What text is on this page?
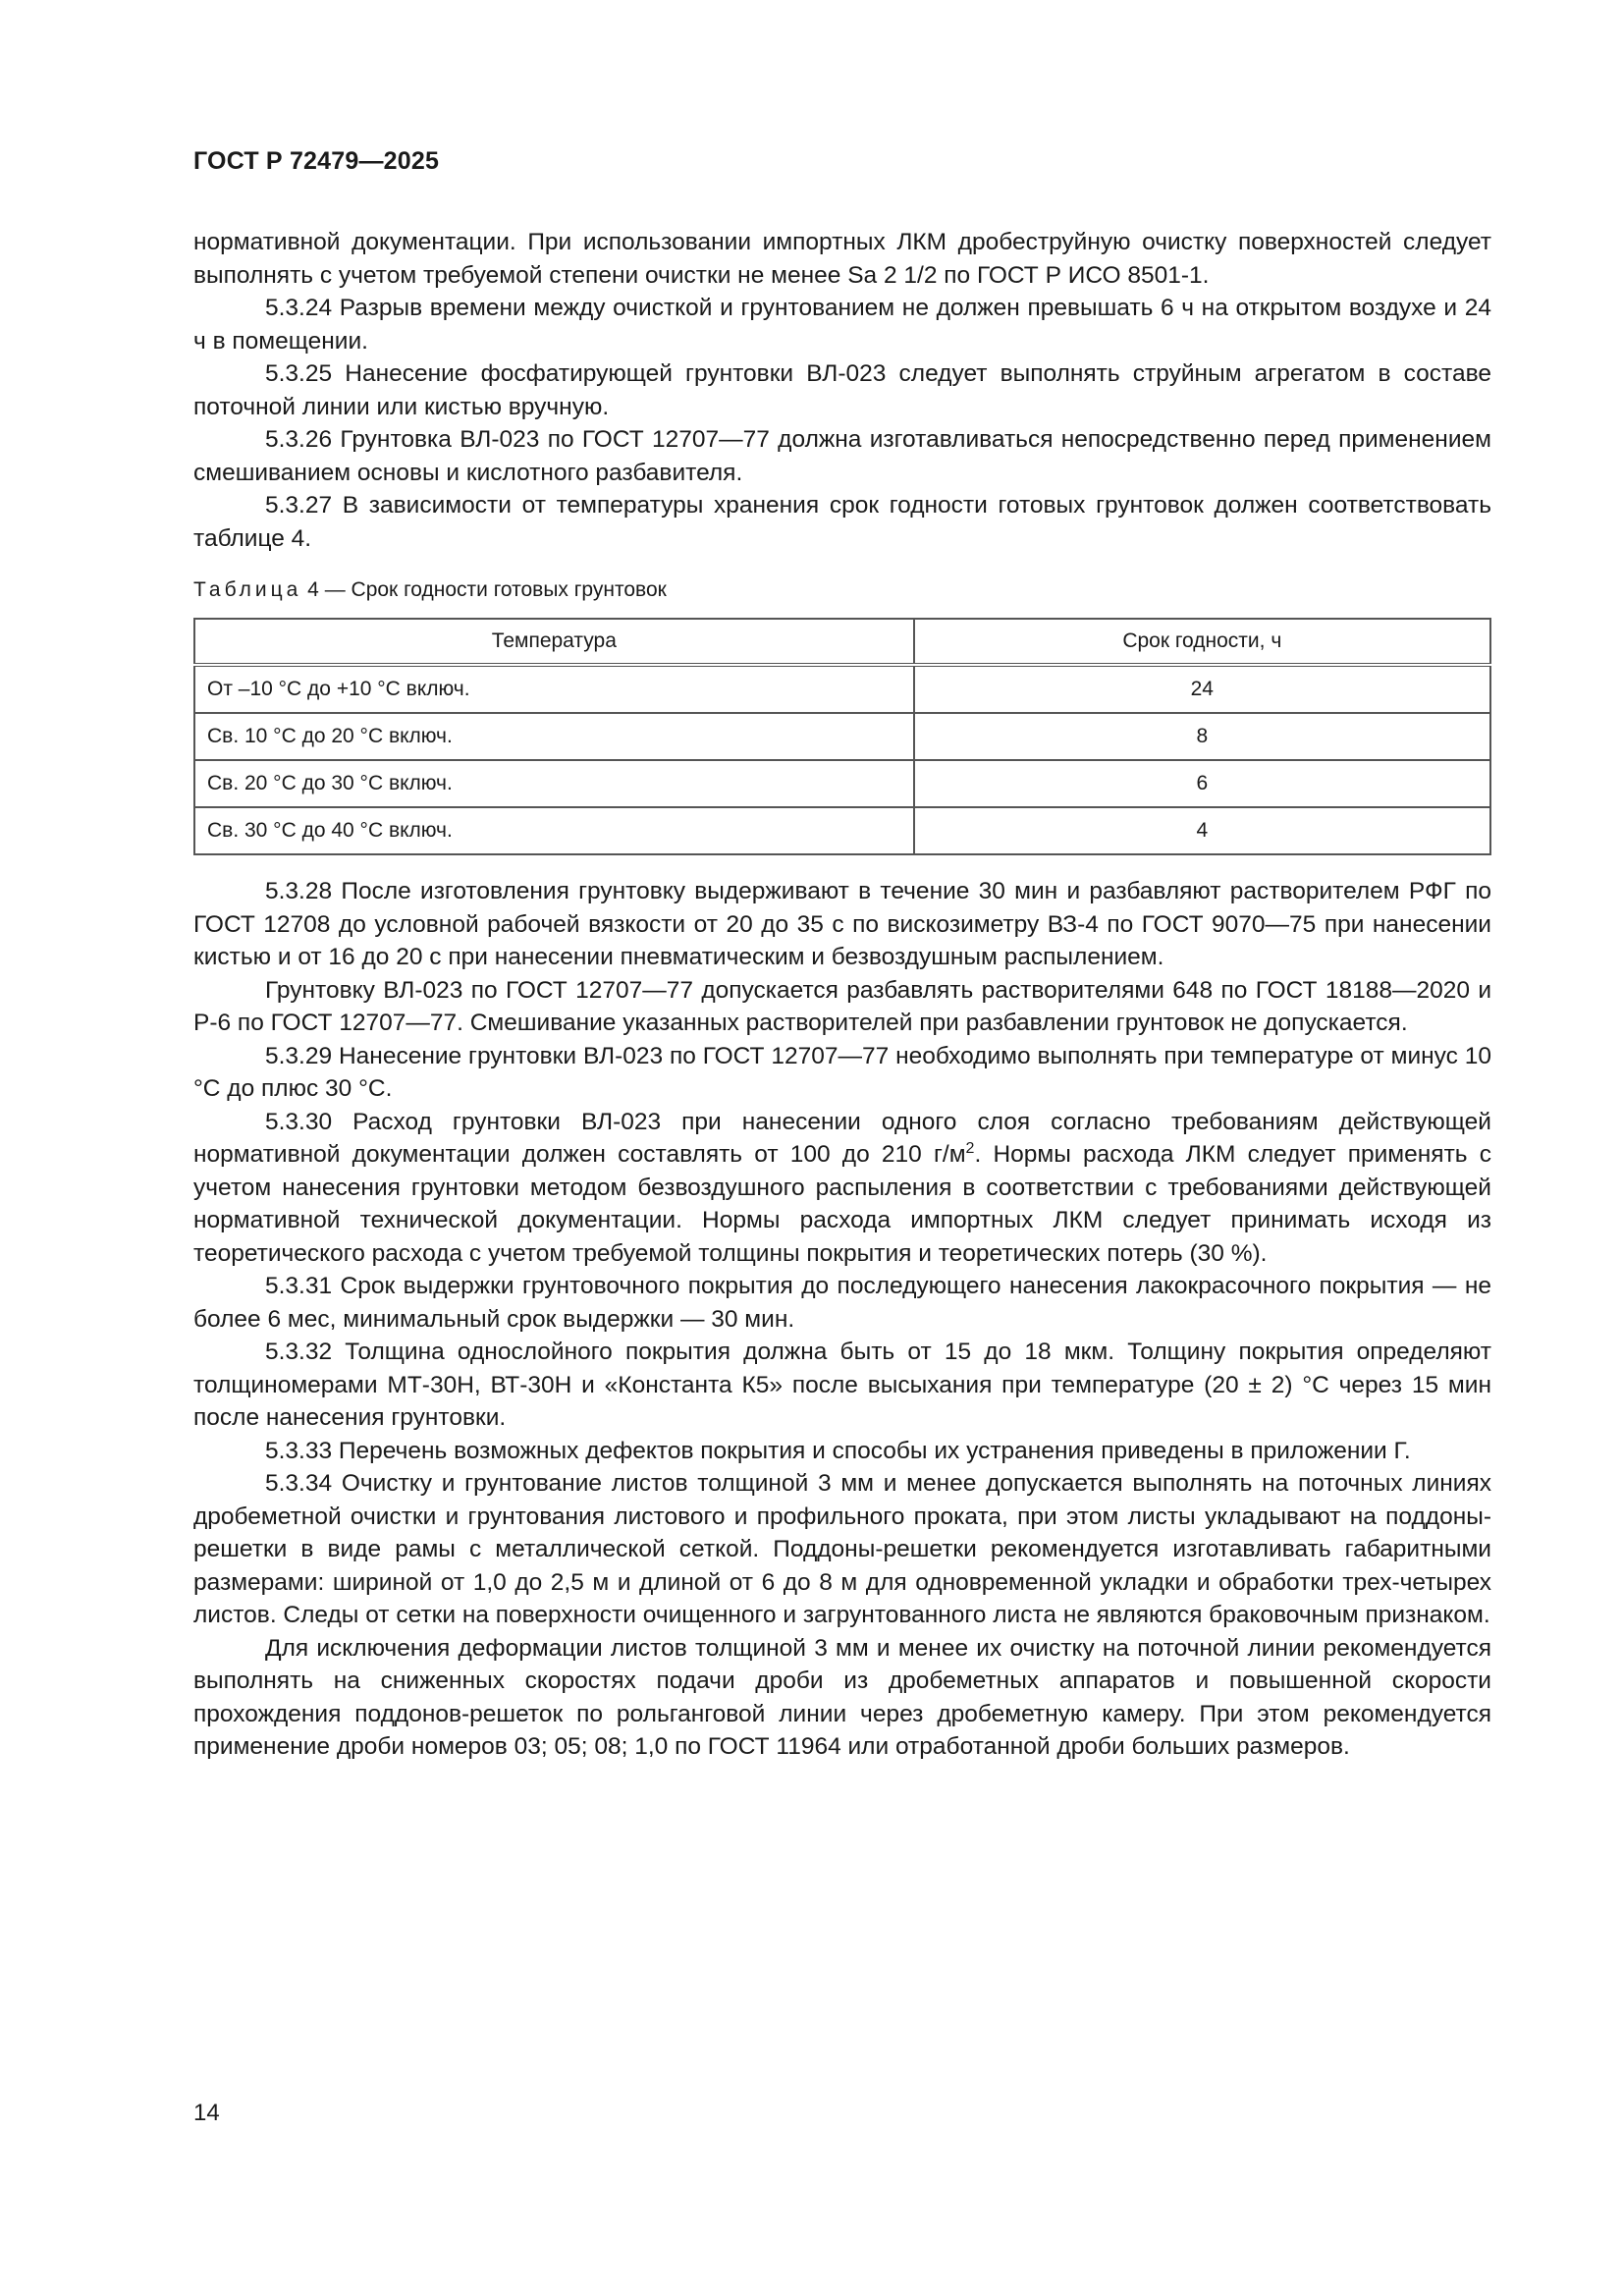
ГОСТ Р 72479—2025

нормативной документации. При использовании импортных ЛКМ дробеструйную очистку поверхностей следует выполнять с учетом требуемой степени очистки не менее Sa 2 1/2 по ГОСТ Р ИСО 8501-1.

5.3.24 Разрыв времени между очисткой и грунтованием не должен превышать 6 ч на открытом воздухе и 24 ч в помещении.

5.3.25 Нанесение фосфатирующей грунтовки ВЛ-023 следует выполнять струйным агрегатом в составе поточной линии или кистью вручную.

5.3.26 Грунтовка ВЛ-023 по ГОСТ 12707—77 должна изготавливаться непосредственно перед применением смешиванием основы и кислотного разбавителя.

5.3.27 В зависимости от температуры хранения срок годности готовых грунтовок должен соответствовать таблице 4.

Таблица 4 — Срок годности готовых грунтовок
Температура	Срок годности, ч
От –10 °C до +10 °C включ.	24
Св. 10 °C до 20 °C включ.	8
Св. 20 °C до 30 °C включ.	6
Св. 30 °C до 40 °C включ.	4

5.3.28 После изготовления грунтовку выдерживают в течение 30 мин и разбавляют растворителем РФГ по ГОСТ 12708 до условной рабочей вязкости от 20 до 35 с по вискозиметру ВЗ-4 по ГОСТ 9070—75 при нанесении кистью и от 16 до 20 с при нанесении пневматическим и безвоздушным распылением.

Грунтовку ВЛ-023 по ГОСТ 12707—77 допускается разбавлять растворителями 648 по ГОСТ 18188—2020 и Р-6 по ГОСТ 12707—77. Смешивание указанных растворителей при разбавлении грунтовок не допускается.

5.3.29 Нанесение грунтовки ВЛ-023 по ГОСТ 12707—77 необходимо выполнять при температуре от минус 10 °C до плюс 30 °C.

5.3.30 Расход грунтовки ВЛ-023 при нанесении одного слоя согласно требованиям действующей нормативной документации должен составлять от 100 до 210 $г/м^2$. Нормы расхода ЛКМ следует применять с учетом нанесения грунтовки методом безвоздушного распыления в соответствии с требованиями действующей нормативной технической документации. Нормы расхода импортных ЛКМ следует принимать исходя из теоретического расхода с учетом требуемой толщины покрытия и теоретических потерь (30 %).

5.3.31 Срок выдержки грунтовочного покрытия до последующего нанесения лакокрасочного покрытия — не более 6 мес, минимальный срок выдержки — 30 мин.

5.3.32 Толщина однослойного покрытия должна быть от 15 до 18 мкм. Толщину покрытия определяют толщиномерами МТ-30Н, ВТ-30Н и «Константа К5» после высыхания при температуре (20 ± 2) °C через 15 мин после нанесения грунтовки.

5.3.33 Перечень возможных дефектов покрытия и способы их устранения приведены в приложении Г.

5.3.34 Очистку и грунтование листов толщиной 3 мм и менее допускается выполнять на поточных линиях дробеметной очистки и грунтования листового и профильного проката, при этом листы укладывают на поддоны-решетки в виде рамы с металлической сеткой. Поддоны-решетки рекомендуется изготавливать габаритными размерами: шириной от 1,0 до 2,5 м и длиной от 6 до 8 м для одновременной укладки и обработки трех-четырех листов. Следы от сетки на поверхности очищенного и загрунтованного листа не являются браковочным признаком.

Для исключения деформации листов толщиной 3 мм и менее их очистку на поточной линии рекомендуется выполнять на сниженных скоростях подачи дроби из дробеметных аппаратов и повышенной скорости прохождения поддонов-решеток по рольганговой линии через дробеметную камеру. При этом рекомендуется применение дроби номеров 03; 05; 08; 1,0 по ГОСТ 11964 или отработанной дроби больших размеров.

14
